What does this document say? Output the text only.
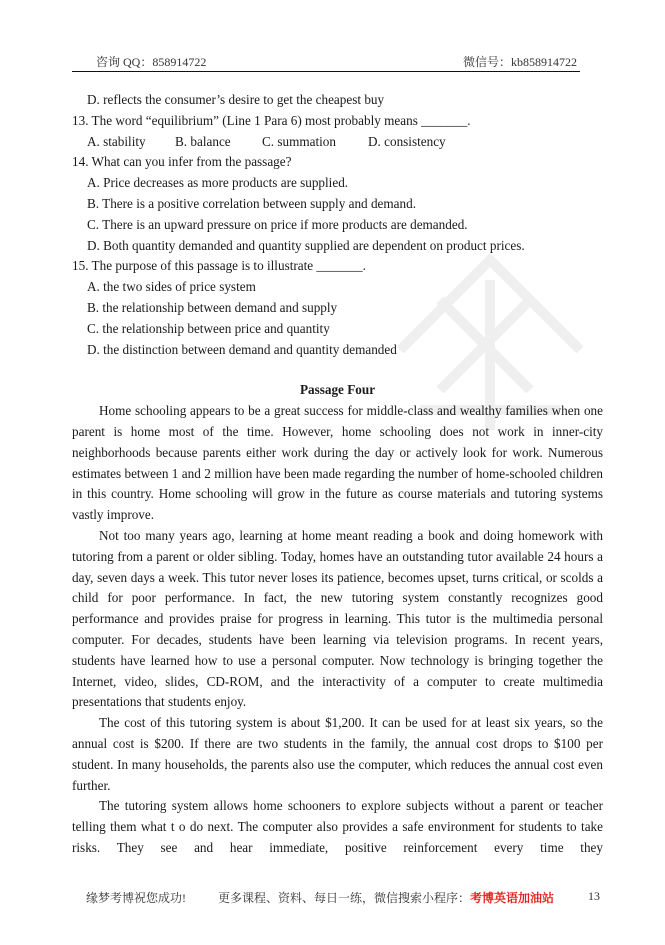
咨询 QQ：858914722	微信号：kb858914722

D. reflects the consumer’s desire to get the cheapest buy

13. The word “equilibrium” (Line 1 Para 6) most probably means _______.

A. stability	B. balance	C. summation	D. consistency

14. What can you infer from the passage?

A. Price decreases as more products are supplied.

B. There is a positive correlation between supply and demand.

C. There is an upward pressure on price if more products are demanded.

D. Both quantity demanded and quantity supplied are dependent on product prices.

15. The purpose of this passage is to illustrate _______.

A. the two sides of price system

B. the relationship between demand and supply

C. the relationship between price and quantity

D. the distinction between demand and quantity demanded

Passage Four

Home schooling appears to be a great success for middle-class and wealthy families when one parent is home most of the time. However, home schooling does not work in inner-city neighborhoods because parents either work during the day or actively look for work. Numerous estimates between 1 and 2 million have been made regarding the number of home-schooled children in this country. Home schooling will grow in the future as course materials and tutoring systems vastly improve.

Not too many years ago, learning at home meant reading a book and doing homework with tutoring from a parent or older sibling. Today, homes have an outstanding tutor available 24 hours a day, seven days a week. This tutor never loses its patience, becomes upset, turns critical, or scolds a child for poor performance. In fact, the new tutoring system constantly recognizes good performance and provides praise for progress in learning. This tutor is the multimedia personal computer. For decades, students have been learning via television programs. In recent years, students have learned how to use a personal computer. Now technology is bringing together the Internet, video, slides, CD-ROM, and the interactivity of a computer to create multimedia presentations that students enjoy.

The cost of this tutoring system is about $1,200. It can be used for at least six years, so the annual cost is $200. If there are two students in the family, the annual cost drops to $100 per student. In many households, the parents also use the computer, which reduces the annual cost even further.

The tutoring system allows home schooners to explore subjects without a parent or teacher telling them what t o do next. The computer also provides a safe environment for students to take risks. They see and hear immediate, positive reinforcement every time they

缘梦考博祝您成功!	更多课程、资料、每日一练，微信搜索小程序：考博英语加油站	13
